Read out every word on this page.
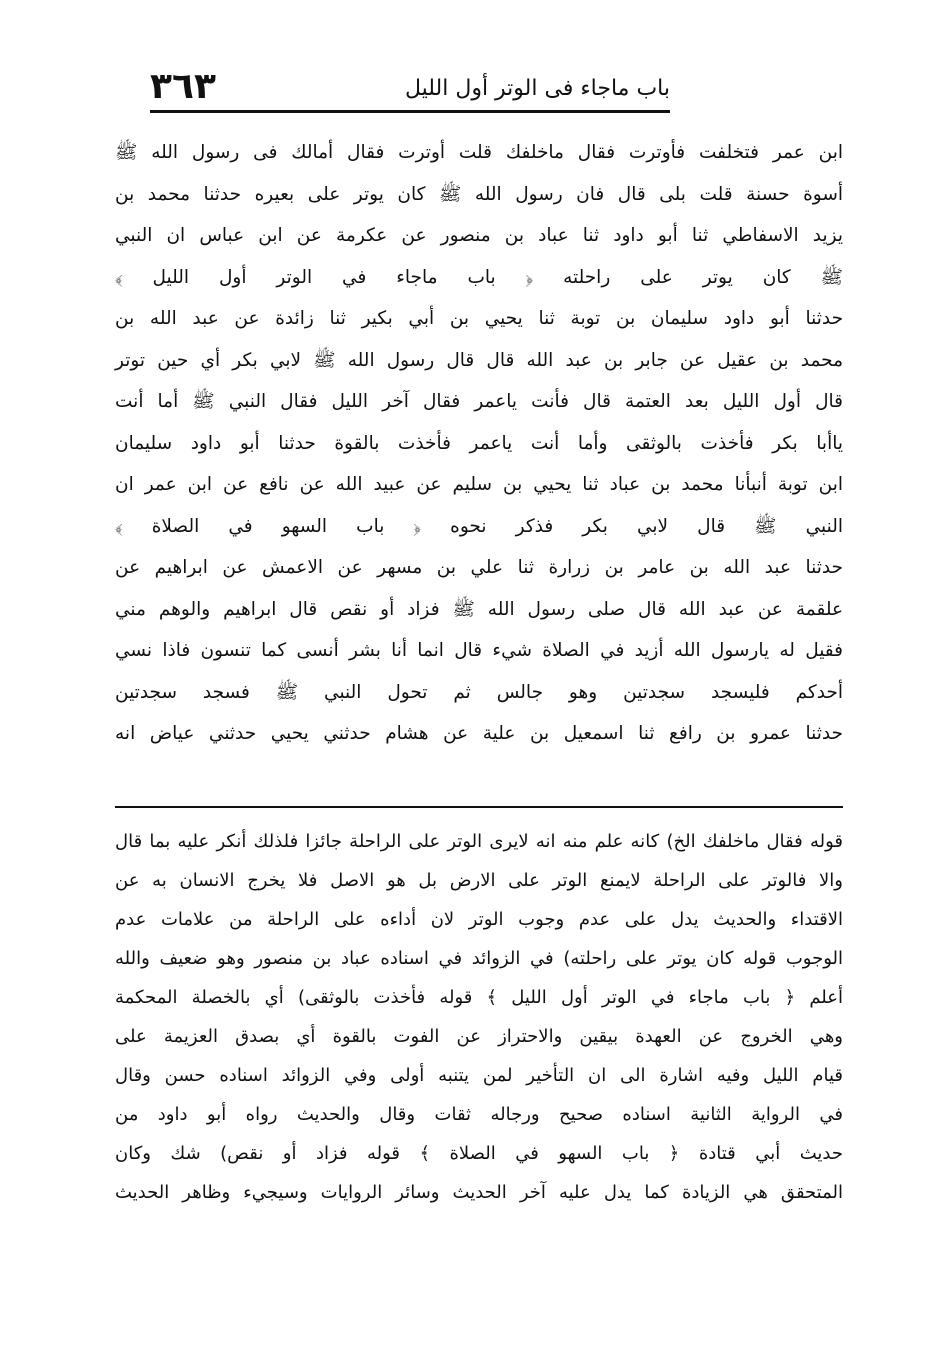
٣٦٣	باب ماجاء فی الوتر أول الليل
ابن عمر فتخلفت فأوترت فقال ماخلفك قلت أوترت فقال أمالك فی رسول الله ﷺ
أسوة حسنة قلت بلى قال فان رسول الله ﷺ كان يوتر على بعيره حدثنا محمد بن
يزيد الاسفاطي ثنا أبو داود ثنا عباد بن منصور عن عكرمة عن ابن عباس ان النبي
ﷺ كان يوتر على راحلته ﴿ باب ماجاء في الوتر أول الليل ﴾
حدثنا أبو داود سليمان بن توبة ثنا يحيي بن أبي بكير ثنا زائدة عن عبد الله بن
محمد بن عقيل عن جابر بن عبد الله قال قال رسول الله ﷺ لابي بكر أي حين توتر
قال أول الليل بعد العتمة قال فأنت ياعمر فقال آخر الليل فقال النبي ﷺ أما أنت
ياأبا بكر فأخذت بالوثقى وأما أنت ياعمر فأخذت بالقوة حدثنا أبو داود سليمان
ابن توبة أنبأنا محمد بن عباد ثنا يحيي بن سليم عن عبيد الله عن نافع عن ابن عمر ان
النبي ﷺ قال لابي بكر فذكر نحوه ﴿ باب السهو في الصلاة ﴾
حدثنا عبد الله بن عامر بن زرارة ثنا علي بن مسهر عن الاعمش عن ابراهيم عن
علقمة عن عبد الله قال صلى رسول الله ﷺ فزاد أو نقص قال ابراهيم والوهم مني
فقيل له يارسول الله أزيد في الصلاة شيء قال انما أنا بشر أنسى كما تنسون فاذا نسي
أحدكم فليسجد سجدتين وهو جالس ثم تحول النبي ﷺ فسجد سجدتين
حدثنا عمرو بن رافع ثنا اسمعيل بن علية عن هشام حدثني يحيي حدثني عياض انه
قوله فقال ماخلفك الخ) كانه علم منه انه لايرى الوتر على الراحلة جائزا فلذلك أنكر عليه بما قال
والا فالوتر على الراحلة لايمنع الوتر على الارض بل هو الاصل فلا يخرج الانسان به عن
الاقتداء والحديث يدل على عدم وجوب الوتر لان أداءه على الراحلة من علامات عدم
الوجوب قوله كان يوتر على راحلته) في الزوائد في اسناده عباد بن منصور وهو ضعيف والله
أعلم ﴿ باب ماجاء في الوتر أول الليل ﴾ قوله فأخذت بالوثقى) أي بالخصلة المحكمة
وهي الخروج عن العهدة بيقين والاحتراز عن الفوت بالقوة أي بصدق العزيمة على
قيام الليل وفيه اشارة الى ان التأخير لمن يتنبه أولى وفي الزوائد اسناده حسن وقال
في الرواية الثانية اسناده صحيح ورجاله ثقات وقال والحديث رواه أبو داود من
حديث أبي قتادة ﴿ باب السهو في الصلاة ﴾ قوله فزاد أو نقص) شك وكان
المتحقق هي الزيادة كما يدل عليه آخر الحديث وسائر الروايات وسيجيء وظاهر الحديث
